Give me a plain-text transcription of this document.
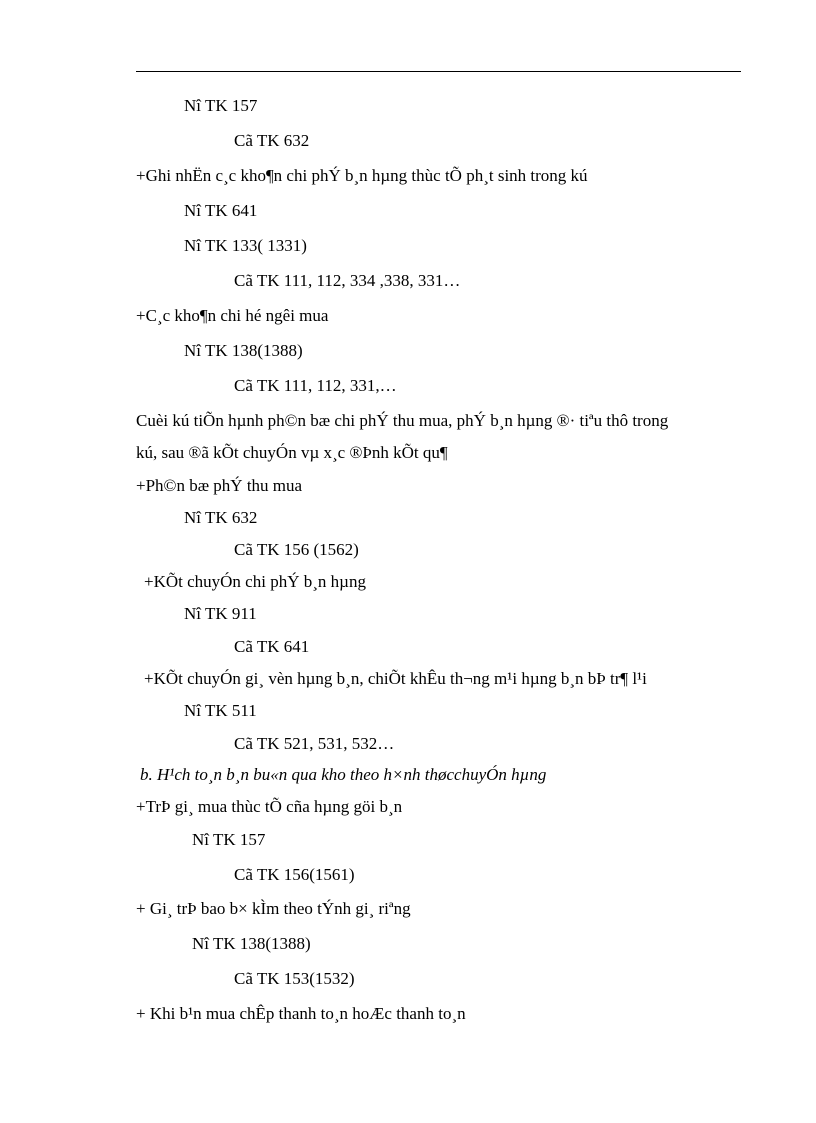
Nî TK 157
Cã TK 632
+Ghi nhËn c¸c kho¶n chi phÝ b¸n hµng thùc tÕ ph¸t sinh trong kú
Nî TK 641
Nî TK 133( 1331)
Cã TK 111, 112, 334 ,338, 331…
+C¸c kho¶n chi hé ngêi mua
Nî TK 138(1388)
Cã TK 111, 112, 331,…
Cuèi kú tiÕn hµnh ph©n bæ chi phÝ thu mua, phÝ b¸n hµng ®· tiªu thô trong
kú, sau ®ã kÕt chuyÓn vµ x¸c ®Þnh kÕt qu¶
+Ph©n bæ phÝ thu mua
Nî TK 632
Cã TK 156 (1562)
+KÕt chuyÓn chi phÝ b¸n hµng
Nî TK 911
Cã TK 641
+KÕt chuyÓn gi¸ vèn hµng b¸n, chiÕt khÊu th¬ng m¹i hµng b¸n bÞ tr¶ l¹i
Nî TK 511
Cã TK 521, 531, 532…
b. H¹ch to¸n b¸n bu«n qua kho theo h×nh thøcchuyÓn hµng
+TrÞ gi¸ mua thùc tÕ cña hµng göi b¸n
Nî TK 157
Cã TK 156(1561)
+ Gi¸ trÞ bao b× kÌm theo tÝnh gi¸ riªng
Nî TK 138(1388)
Cã TK 153(1532)
+ Khi b¹n mua chÊp thanh to¸n hoÆc thanh to¸n
